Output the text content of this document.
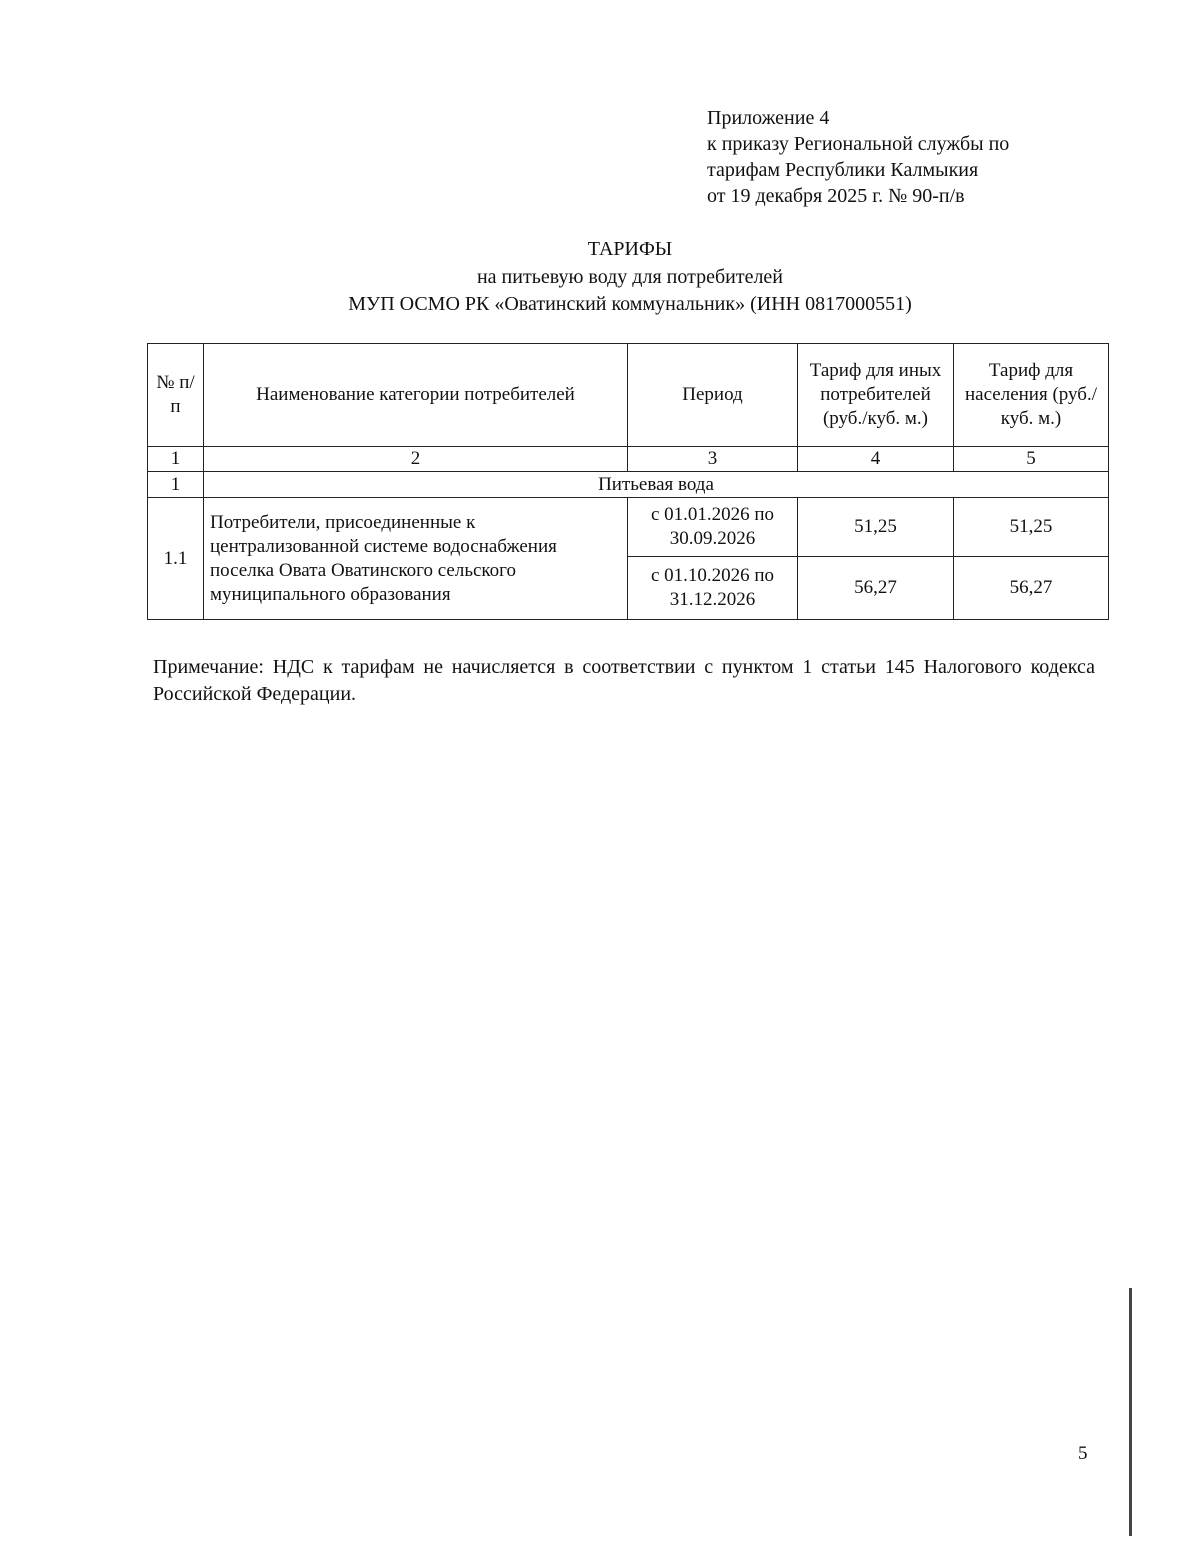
Приложение 4
к приказу Региональной службы по
тарифам Республики Калмыкия
от 19 декабря 2025 г. № 90-п/в
ТАРИФЫ
на питьевую воду для потребителей
МУП ОСМО РК «Оватинский коммунальник» (ИНН 0817000551)
№ п/п	Наименование категории потребителей	Период	Тариф для иных потребителей (руб./куб. м.)	Тариф для населения (руб./куб. м.)
1	2	3	4	5
1	Питьевая вода			
1.1	Потребители, присоединенные к централизованной системе водоснабжения поселка Овата Оватинского сельского муниципального образования	с 01.01.2026 по 30.09.2026	51,25	51,25
		с 01.10.2026 по 31.12.2026	56,27	56,27
Примечание: НДС к тарифам не начисляется в соответствии с пунктом 1 статьи 145 Налогового кодекса Российской Федерации.
5
